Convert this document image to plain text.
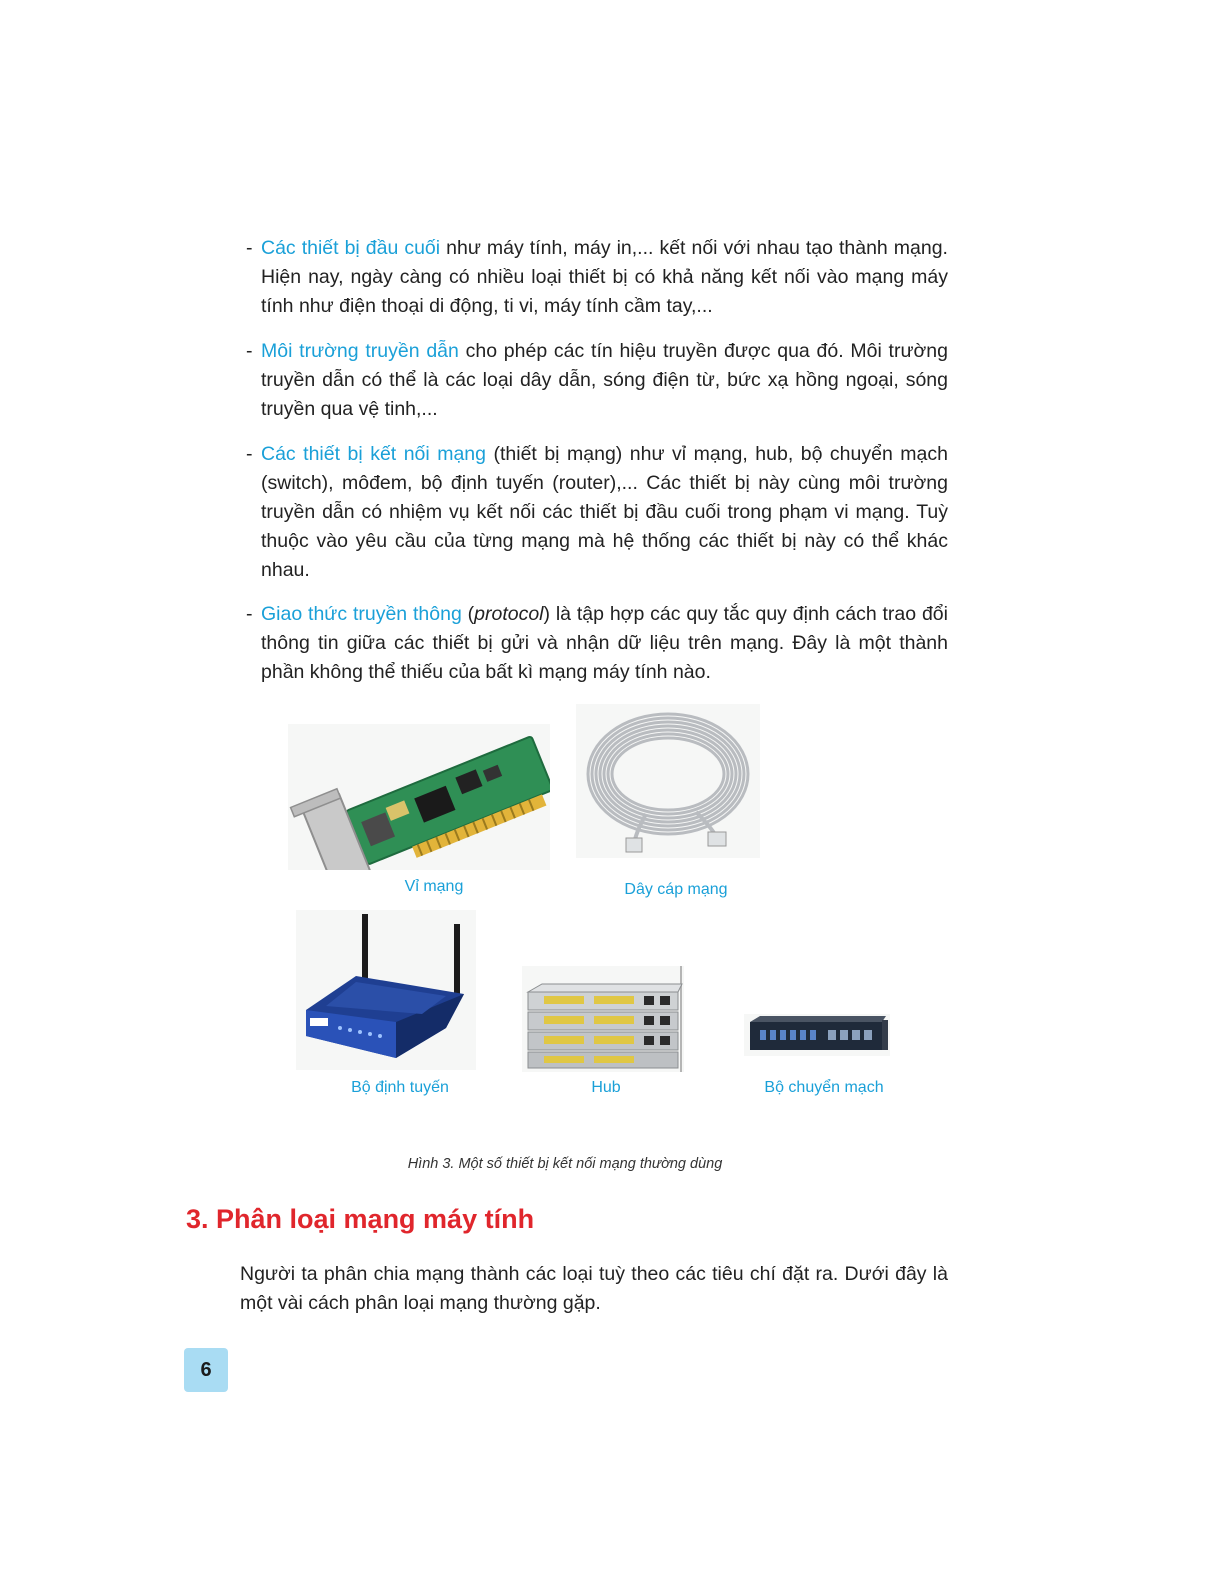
- Các thiết bị đầu cuối như máy tính, máy in,... kết nối với nhau tạo thành mạng. Hiện nay, ngày càng có nhiều loại thiết bị có khả năng kết nối vào mạng máy tính như điện thoại di động, ti vi, máy tính cầm tay,...
- Môi trường truyền dẫn cho phép các tín hiệu truyền được qua đó. Môi trường truyền dẫn có thể là các loại dây dẫn, sóng điện từ, bức xạ hồng ngoại, sóng truyền qua vệ tinh,...
- Các thiết bị kết nối mạng (thiết bị mạng) như vỉ mạng, hub, bộ chuyển mạch (switch), môđem, bộ định tuyến (router),... Các thiết bị này cùng môi trường truyền dẫn có nhiệm vụ kết nối các thiết bị đầu cuối trong phạm vi mạng. Tuỳ thuộc vào yêu cầu của từng mạng mà hệ thống các thiết bị này có thể khác nhau.
- Giao thức truyền thông (protocol) là tập hợp các quy tắc quy định cách trao đổi thông tin giữa các thiết bị gửi và nhận dữ liệu trên mạng. Đây là một thành phần không thể thiếu của bất kì mạng máy tính nào.
Vỉ mạng	Dây cáp mạng
Bộ định tuyến	Hub	Bộ chuyển mạch
Hình 3. Một số thiết bị kết nối mạng thường dùng
3. Phân loại mạng máy tính
Người ta phân chia mạng thành các loại tuỳ theo các tiêu chí đặt ra. Dưới đây là một vài cách phân loại mạng thường gặp.
6
